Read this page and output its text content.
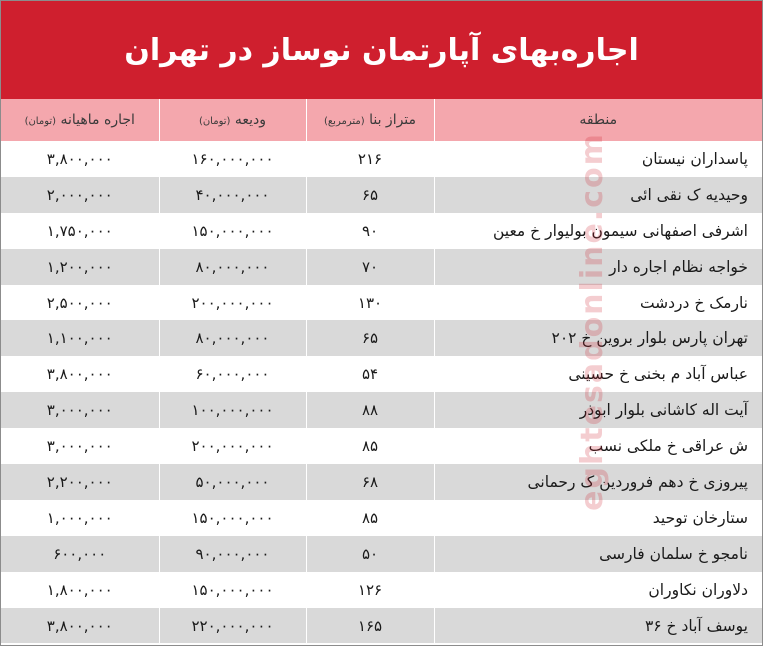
اجاره‌بهای آپارتمان نوساز در تهران
منطقه	متراز بنا (مترمربع)	ودیعه (تومان)	اجاره ماهیانه (تومان)
پاسداران نیستان	۲۱۶	۱۶۰,۰۰۰,۰۰۰	۳,۸۰۰,۰۰۰
وحیدیه ک نقی ائی	۶۵	۴۰,۰۰۰,۰۰۰	۲,۰۰۰,۰۰۰
اشرفی اصفهانی سیمون بولیوار خ معین	۹۰	۱۵۰,۰۰۰,۰۰۰	۱,۷۵۰,۰۰۰
خواجه نظام اجاره دار	۷۰	۸۰,۰۰۰,۰۰۰	۱,۲۰۰,۰۰۰
نارمک خ دردشت	۱۳۰	۲۰۰,۰۰۰,۰۰۰	۲,۵۰۰,۰۰۰
تهران پارس بلوار بروین خ ۲۰۲	۶۵	۸۰,۰۰۰,۰۰۰	۱,۱۰۰,۰۰۰
عباس آباد م بخنی خ حسینی	۵۴	۶۰,۰۰۰,۰۰۰	۳,۸۰۰,۰۰۰
آیت اله کاشانی بلوار ابوذر	۸۸	۱۰۰,۰۰۰,۰۰۰	۳,۰۰۰,۰۰۰
ش عراقی خ ملکی نسب	۸۵	۲۰۰,۰۰۰,۰۰۰	۳,۰۰۰,۰۰۰
پیروزی خ دهم فروردین ک رحمانی	۶۸	۵۰,۰۰۰,۰۰۰	۲,۲۰۰,۰۰۰
ستارخان توحید	۸۵	۱۵۰,۰۰۰,۰۰۰	۱,۰۰۰,۰۰۰
نامجو خ سلمان فارسی	۵۰	۹۰,۰۰۰,۰۰۰	۶۰۰,۰۰۰
دلاوران نکاوران	۱۲۶	۱۵۰,۰۰۰,۰۰۰	۱,۸۰۰,۰۰۰
یوسف آباد خ ۳۶	۱۶۵	۲۲۰,۰۰۰,۰۰۰	۳,۸۰۰,۰۰۰
eghtesadonline.com
